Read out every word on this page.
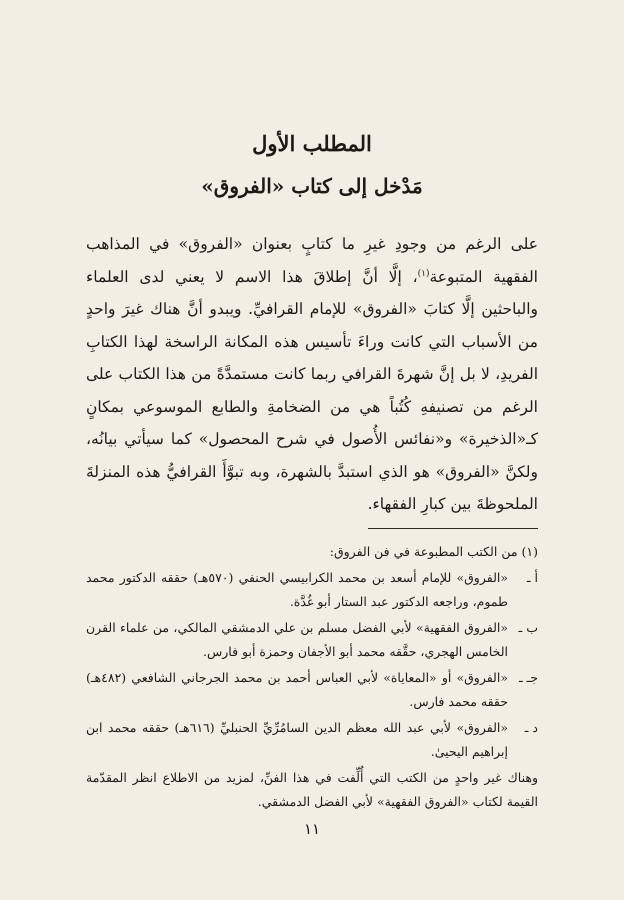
المطلب الأول
مَدْخل إلى كتاب «الفروق»

على الرغم من وجودِ غيرِ ما كتابٍ بعنوان «الفروق» في المذاهب الفقهية المتبوعة$^{(١)}$، إلَّا أنَّ إطلاقَ هذا الاسم لا يعني لدى العلماء والباحثين إلَّا كتابَ «الفروق» للإمام القرافيِّ. ويبدو أنَّ هناك غيرَ واحدٍ من الأسباب التي كانت وراءَ تأسيس هذه المكانة الراسخة لهذا الكتابِ الفريدِ، لا بل إنَّ شهرةَ القرافي ربما كانت مستمدَّةً من هذا الكتاب على الرغم من تصنيفهِ كُتُباً هي من الضخامةِ والطابع الموسوعي بمكانٍ كـ«الذخيرة» و«نفائس الأُصول في شرح المحصول» كما سيأتي بيانُه، ولكنَّ «الفروق» هو الذي استبدَّ بالشهرة، وبه تبوَّأَ القرافيُّ هذه المنزلةَ الملحوظةَ بين كبارِ الفقهاء.

(١) من الكتب المطبوعة في فن الفروق:

أ ـ
«الفروق» للإمام أسعد بن محمد الكرابيسي الحنفي (٥٧٠هـ) حققه الدكتور محمد طموم، وراجعه الدكتور عبد الستار أبو غُدَّة.
ب ـ
«الفروق الفقهية» لأبي الفضل مسلم بن علي الدمشقي المالكي، من علماء القرن الخامس الهجري، حقَّقه محمد أبو الأجفان وحمزة أبو فارس.
جـ ـ
«الفروق» أو «المعاياة» لأبي العباس أحمد بن محمد الجرجاني الشافعي (٤٨٢هـ) حققه محمد فارس.
د ـ
«الفروق» لأبي عبد الله معظم الدين السامُرِّيِّ الحنبليِّ (٦١٦هـ) حققه محمد ابن إبراهيم اليحيىٰ.

وهناك غير واحدٍ من الكتب التي أُلِّفت في هذا الفنِّ، لمزيد من الاطلاع انظر المقدّمة القيمة لكتاب «الفروق الفقهية» لأبي الفضل الدمشقي.

١١
